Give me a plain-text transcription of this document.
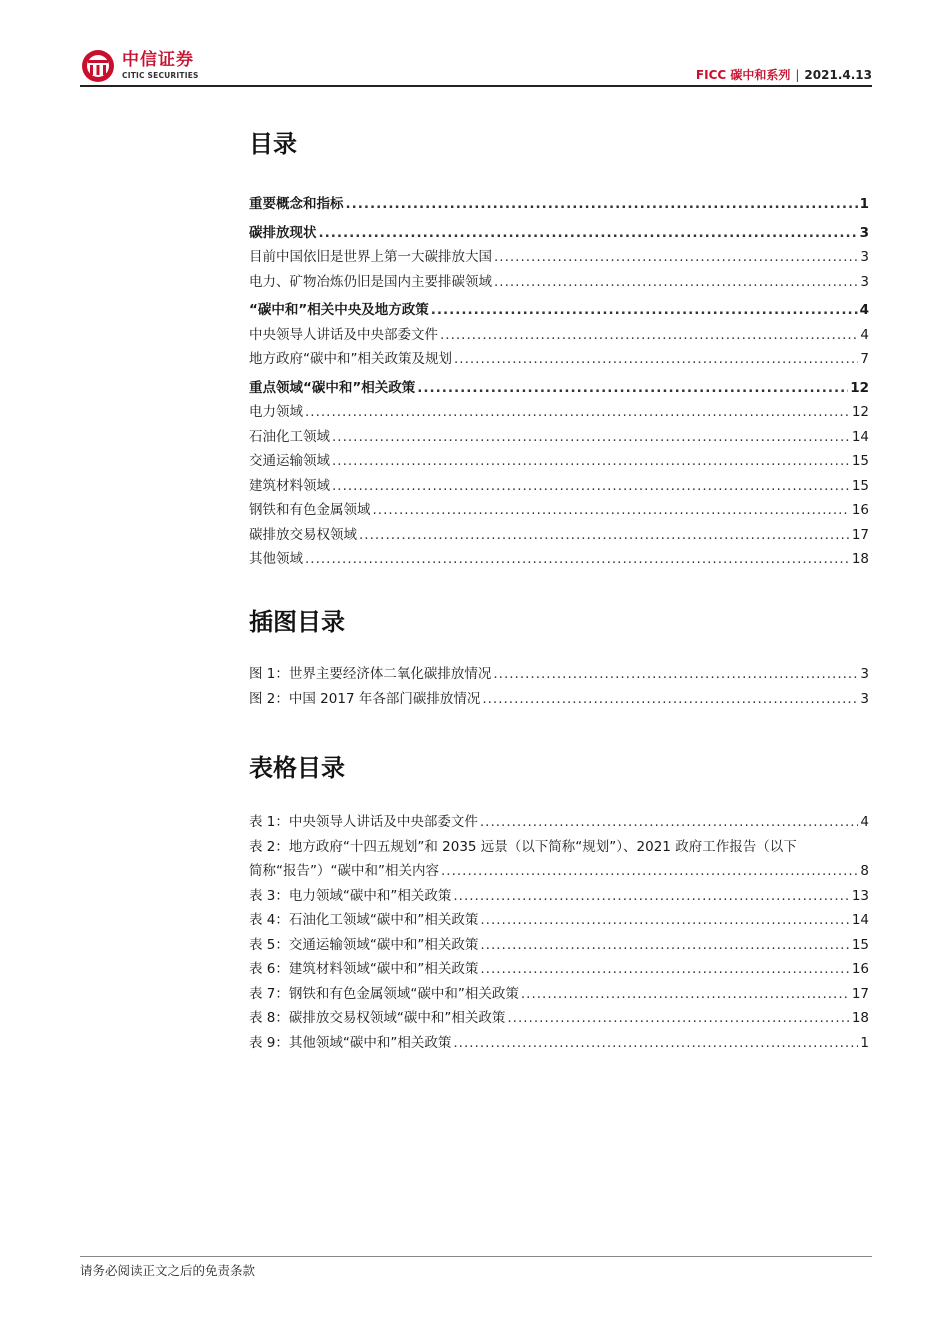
中信证券
CITIC SECURITIES	FICC 碳中和系列 | 2021.4.13
目录
重要概念和指标 .....	1
碳排放现状 .....	3
目前中国依旧是世界上第一大碳排放大国 .....	3
电力、矿物冶炼仍旧是国内主要排碳领域 .....	3
“碳中和”相关中央及地方政策 .....	4
中央领导人讲话及中央部委文件 .....	4
地方政府“碳中和”相关政策及规划 .....	7
重点领域“碳中和”相关政策 .....	12
电力领域 .....	12
石油化工领域 .....	14
交通运输领域 .....	15
建筑材料领域 .....	15
钢铁和有色金属领域 .....	16
碳排放交易权领域 .....	17
其他领域 .....	18
插图目录
图 1：世界主要经济体二氧化碳排放情况 .....	3
图 2：中国 2017 年各部门碳排放情况 .....	3
表格目录
表 1：中央领导人讲话及中央部委文件 .....	4
表 2：地方政府“十四五规划”和 2035 远景（以下简称“规划”）、2021 政府工作报告（以下
简称“报告”）“碳中和”相关内容 .....	8
表 3：电力领域“碳中和”相关政策 .....	13
表 4：石油化工领域“碳中和”相关政策 .....	14
表 5：交通运输领域“碳中和”相关政策 .....	15
表 6：建筑材料领域“碳中和”相关政策 .....	16
表 7：钢铁和有色金属领域“碳中和”相关政策 .....	17
表 8：碳排放交易权领域“碳中和”相关政策 .....	18
表 9：其他领域“碳中和”相关政策 .....	1
请务必阅读正文之后的免责条款
